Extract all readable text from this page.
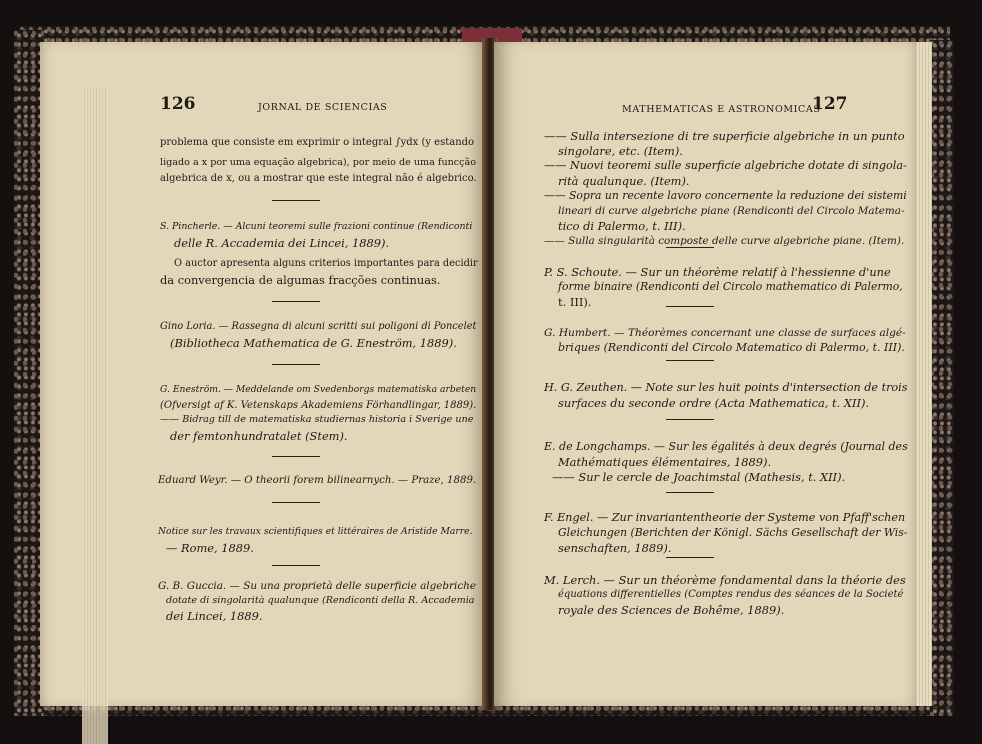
126	JORNAL DE SCIENCIAS
problema que consiste em exprimir o integral ∫ydx (y estando
ligado a x por uma equação algebrica), por meio de uma funcção
algebrica de x, ou a mostrar que este integral não é algebrico.
S. Pincherle. — Alcuni teoremi sulle frazioni continue (Rendiconti
delle R. Accademia dei Lincei, 1889).
O auctor apresenta alguns criterios importantes para decidir
da convergencia de algumas fracções continuas.
Gino Loria. — Rassegna di alcuni scritti sui poligoni di Poncelet
(Bibliotheca Mathematica de G. Eneström, 1889).
G. Eneström. — Meddelande om Svedenborgs matematiska arbeten
(Ofversigt af K. Vetenskaps Akademiens Förhandlingar, 1889).
—— Bidrag till de matematiska studiernas historia i Sverige une
der femtonhundratalet (Stem).
Eduard Weyr. — O theorii forem bilinearnych. — Praze, 1889.
Notice sur les travaux scientifiques et littéraires de Aristide Marre.
— Rome, 1889.
G. B. Guccia. — Su una proprietà delle superficie algebriche
dotate di singolarità qualunque (Rendiconti della R. Accademia
dei Lincei, 1889.
MATHEMATICAS E ASTRONOMICAS
127
—— Sulla intersezione di tre superficie algebriche in un punto
singolare, etc. (Item).
—— Nuovi teoremi sulle superficie algebriche dotate di singola-
rità qualunque. (Item).
—— Sopra un recente lavoro concernente la reduzione dei sistemi
lineari di curve algebriche piane (Rendiconti del Circolo Matema-
tico di Palermo, t. III).
—— Sulla singularità composte delle curve algebriche piane. (Item).
P. S. Schoute. — Sur un théorème relatif à l'hessienne d'une
forme binaire (Rendiconti del Circolo mathematico di Palermo,
t. III).
G. Humbert. — Théorèmes concernant une classe de surfaces algé-
briques (Rendiconti del Circolo Matematico di Palermo, t. III).
H. G. Zeuthen. — Note sur les huit points d'intersection de trois
surfaces du seconde ordre (Acta Mathematica, t. XII).
E. de Longchamps. — Sur les égalités à deux degrés (Journal des
Mathématiques élémentaires, 1889).
—— Sur le cercle de Joachimstal (Mathesis, t. XII).
F. Engel. — Zur invariantentheorie der Systeme von Pfaff'schen
Gleichungen (Berichten der Königl. Sächs Gesellschaft der Wis-
senschaften, 1889).
M. Lerch. — Sur un théorème fondamental dans la théorie des
équations differentielles (Comptes rendus des séances de la Societé
royale des Sciences de Bohême, 1889).
